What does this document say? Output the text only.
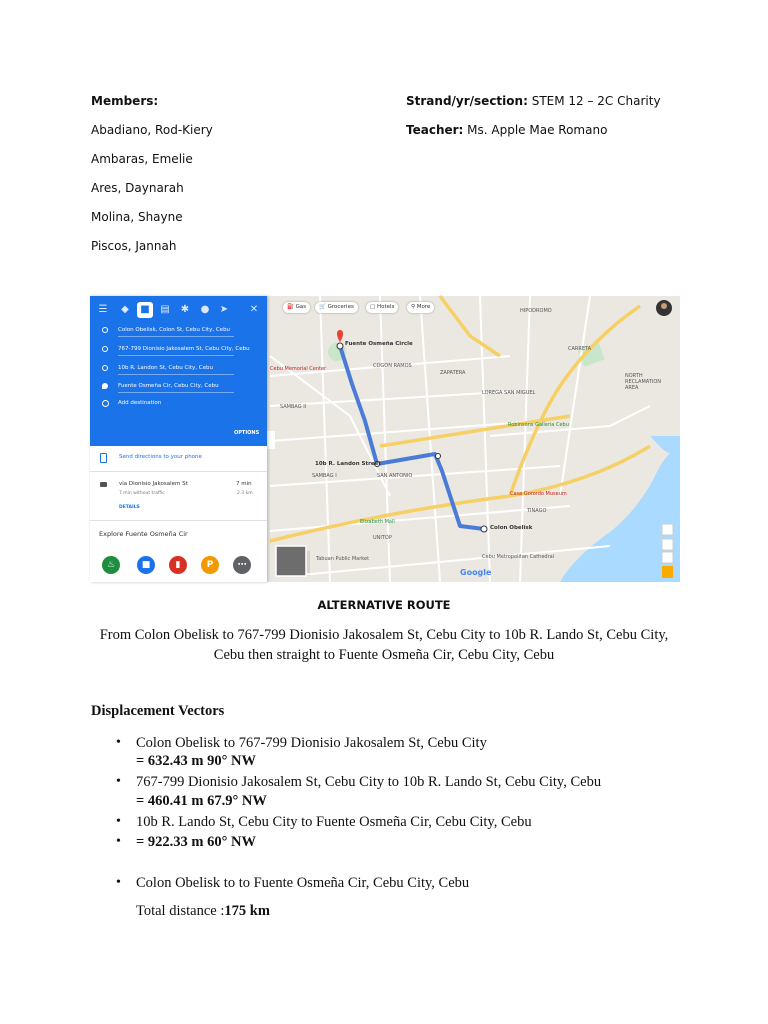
Members:
Abadiano, Rod-Kiery
Ambaras, Emelie
Ares, Daynarah
Molina, Shayne
Piscos, Jannah
Strand/yr/section: STEM 12 – 2C Charity
Teacher: Ms. Apple Mae Romano
⛽ Gas	🛒 Groceries	▢ Hotels	⚲ More
Fuente Osmeña Circle
Colon Obelisk
10b R. Landon Street
COGON RAMOS
ZAPATERA
SAMBAG II
SAMBAG I	SAN ANTONIO
LOREGA SAN MIGUEL
CARRETA
HIPODROMO
NORTH RECLAMATION AREA
TINAGO
Robinsons Galleria Cebu
Casa Gorordo Museum
Elizabeth Mall
UNITOP
Tabuan Public Market	Cebu Metropolitan Cathedral
Cebu Memorial Center
Google
☰	◆	■	▤	✱	●	➤	✕
Colon Obelisk, Colon St, Cebu City, Cebu
767-799 Dionisio Jakosalem St, Cebu City, Cebu
10b R. Landon St, Cebu City, Cebu
Fuente Osmeña Cir, Cebu City, Cebu
Add destination
OPTIONS
Send directions to your phone
via Dionisio Jakosalem St	7 min
7 min without traffic	2.3 km
DETAILS
Explore Fuente Osmeña Cir
♨	■	▮	P	⋯
ALTERNATIVE ROUTE
From Colon Obelisk to 767-799 Dionisio Jakosalem St, Cebu City to 10b R. Lando St, Cebu City, Cebu then straight to Fuente Osmeña Cir, Cebu City, Cebu
Displacement Vectors
• Colon Obelisk to 767-799 Dionisio Jakosalem St, Cebu City
= 632.43 m 90° NW
• 767-799 Dionisio Jakosalem St, Cebu City to 10b R. Lando St, Cebu City, Cebu
= 460.41 m 67.9° NW
• 10b R. Lando St, Cebu City to Fuente Osmeña Cir, Cebu City, Cebu
• = 922.33 m 60° NW
• Colon Obelisk to to Fuente Osmeña Cir, Cebu City, Cebu
Total distance :175 km
